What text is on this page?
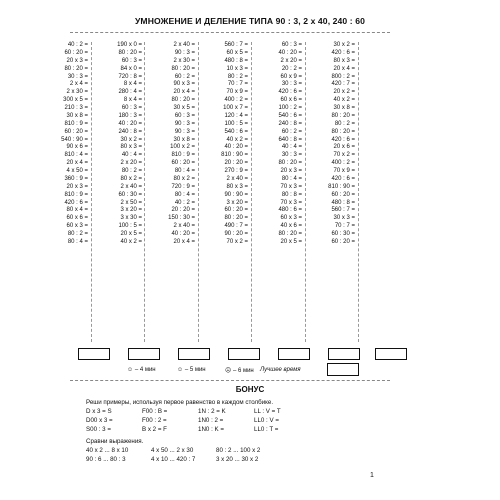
УМНОЖЕНИЕ И ДЕЛЕНИЕ ТИПА 90 : 3, 2 x 40, 240 : 60
40 : 2 =
60 : 20 =
20 x 3 =
80 : 20 =
30 : 3 =
2 x 4 =
2 x 30 =
300 x 5 =
210 : 3 =
30 x 8 =
810 : 9 =
60 : 20 =
540 : 90 =
90 x 6 =
810 : 4 =
20 x 4 =
4 x 50 =
360 : 9 =
20 x 3 =
810 : 9 =
420 : 6 =
80 x 4 =
60 x 6 =
60 x 3 =
80 : 2 =
80 : 4 =
190 x 0 =
80 : 20 =
60 : 3 =
84 x 0 =
720 : 8 =
8 x 4 =
280 : 4 =
8 x 4 =
60 : 3 =
180 : 3 =
40 : 20 =
240 : 8 =
30 x 2 =
80 x 3 =
40 : 4 =
2 x 20 =
80 : 2 =
80 x 2 =
2 x 40 =
60 : 30 =
2 x 50 =
3 x 20 =
3 x 30 =
100 : 5 =
20 x 5 =
40 x 2 =
2 x 40 =
90 : 3 =
2 x 30 =
80 : 20 =
60 : 2 =
90 x 3 =
20 x 4 =
80 : 20 =
30 x 5 =
60 : 3 =
90 : 3 =
90 : 3 =
30 x 8 =
100 x 2 =
810 : 9 =
60 : 20 =
80 : 4 =
80 x 2 =
720 : 9 =
80 : 4 =
40 : 2 =
20 : 20 =
150 : 30 =
2 x 40 =
40 : 20 =
20 x 4 =
560 : 7 =
60 x 5 =
480 : 8 =
10 x 3 =
80 : 2 =
70 : 7 =
70 x 9 =
400 : 2 =
100 x 7 =
120 : 4 =
100 : 5 =
540 : 6 =
40 x 2 =
40 : 20 =
810 : 90 =
20 : 20 =
270 : 9 =
2 x 40 =
80 x 3 =
90 : 90 =
3 x 20 =
60 : 20 =
80 : 20 =
490 : 7 =
90 : 20 =
70 x 2 =
60 : 3 =
40 : 20 =
2 x 20 =
20 : 2 =
60 x 9 =
30 : 3 =
420 : 6 =
60 x 6 =
100 : 2 =
540 : 6 =
240 : 8 =
60 : 2 =
640 : 8 =
40 : 4 =
30 : 3 =
80 : 20 =
20 x 3 =
80 : 4 =
70 x 3 =
80 : 8 =
70 x 3 =
480 : 6 =
60 x 3 =
40 x 6 =
80 : 20 =
20 x 5 =
30 x 2 =
420 : 6 =
80 x 3 =
20 x 4 =
800 : 2 =
420 : 7 =
20 x 2 =
40 x 2 =
30 x 8 =
80 : 20 =
80 : 2 =
80 : 20 =
420 : 6 =
20 x 6 =
70 x 2 =
400 : 2 =
70 x 9 =
420 : 6 =
810 : 90 =
60 : 20 =
480 : 8 =
560 : 7 =
30 x 3 =
70 : 7 =
60 : 30 =
60 : 20 =
☺ – 4 мин	☺ – 5 мин	☹ – 6 мин Лучшее время
БОНУС
Реши примеры, используя первое равенство в каждом столбике.
D x 3 = S	F00 : B =	1N : 2 = K	LL : V = T
D00 x 3 =	F00 : 2 =	1N0 : 2 =	LL0 : V =
S00 : 3 =	B x 2 = F	1N0 : K =	LL0 : T =
Сравни выражения.
40 x 2 ... 8 x 10	4 x 50 ... 2 x 30	80 : 2 ... 100 x 2
90 : 6 ... 80 : 3	4 x 10 ... 420 : 7	3 x 20 ... 30 x 2
1
